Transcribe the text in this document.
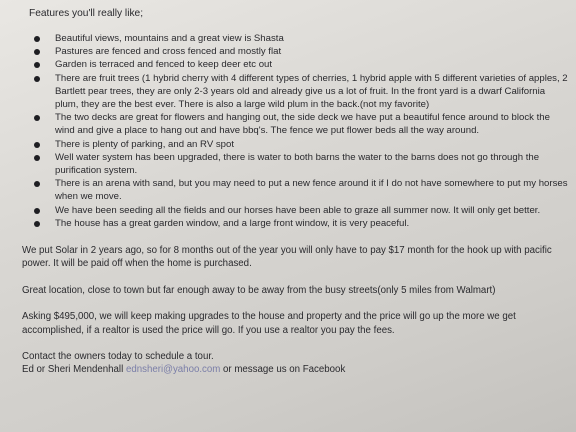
Features you'll really like;
Beautiful views, mountains and a great view is Shasta
Pastures are fenced and cross fenced and mostly flat
Garden is terraced and fenced to keep deer etc out
There are fruit trees (1 hybrid cherry with 4 different types of cherries, 1 hybrid apple with 5 different varieties of apples, 2 Bartlett pear trees, they are only 2-3 years old and already give us a lot of fruit. In the front yard is a dwarf California plum, they are the best ever. There is also a large wild plum in the back.(not my favorite)
The two decks are great for flowers and hanging out, the side deck we have put a beautiful fence around to block the wind and give a place to hang out and have bbq's. The fence we put flower beds all the way around.
There is plenty of parking, and an RV spot
Well water system has been upgraded, there is water to both barns the water to the barns does not go through the purification system.
There is an arena with sand, but you may need to put a new fence around it if I do not have somewhere to put my horses when we move.
We have been seeding all the fields and our horses have been able to graze all summer now. It will only get better.
The house has a great garden window, and a large front window, it is very peaceful.

We put Solar in 2 years ago, so for 8 months out of the year you will only have to pay $17 month for the hook up with pacific power. It will be paid off when the home is purchased.

Great location, close to town but far enough away to be away from the busy streets(only 5 miles from Walmart)

Asking $495,000, we will keep making upgrades to the house and property and the price will go up the more we get accomplished, if a realtor is used the price will go. If you use a realtor you pay the fees.

Contact the owners today to schedule a tour.
Ed or Sheri Mendenhall ednsheri@yahoo.com or message us on Facebook
